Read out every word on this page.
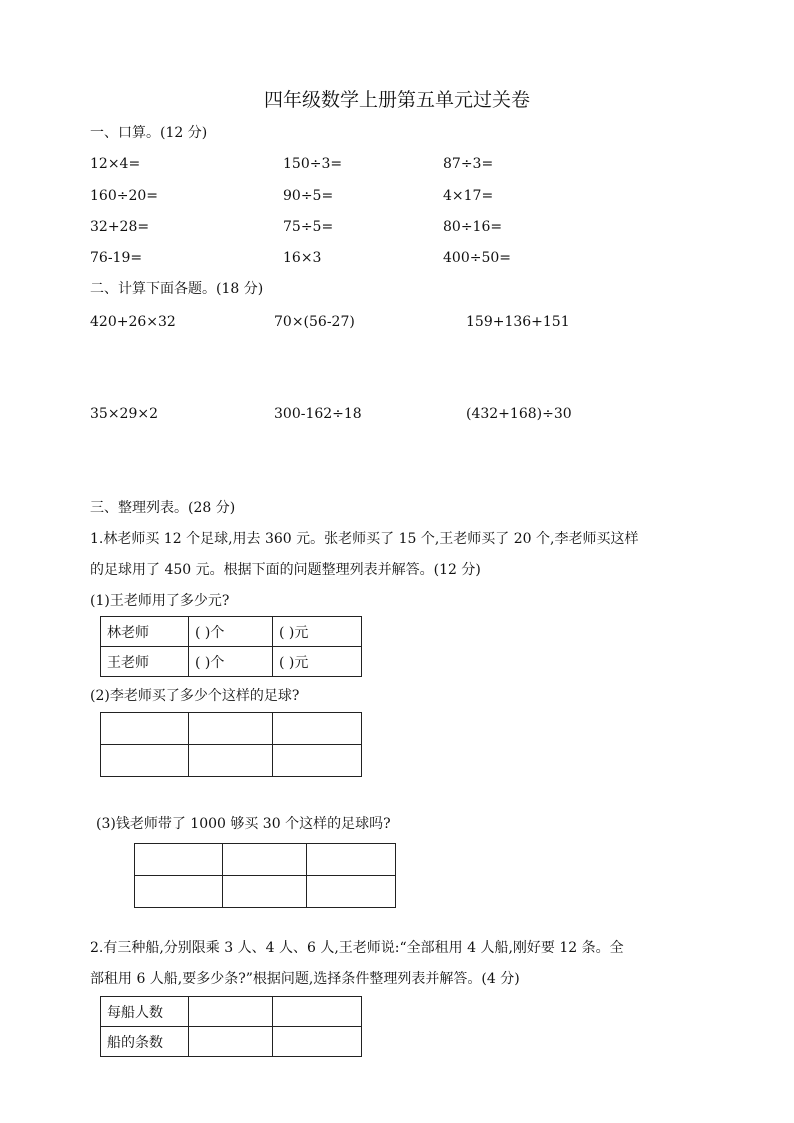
四年级数学上册第五单元过关卷
一、口算。(12 分)
12×4=	150÷3=	87÷3=
160÷20=	90÷5=	4×17=
32+28=	75÷5=	80÷16=
76-19=	16×3	400÷50=
二、计算下面各题。(18 分)
420+26×32	70×(56-27)	159+136+151
35×29×2	300-162÷18	(432+168)÷30
三、整理列表。(28 分)
1.林老师买 12 个足球,用去 360 元。张老师买了 15 个,王老师买了 20 个,李老师买这样
的足球用了 450 元。根据下面的问题整理列表并解答。(12 分)
(1)王老师用了多少元?
林老师	( )个	( )元
王老师	( )个	( )元
(2)李老师买了多少个这样的足球?

(3)钱老师带了 1000 够买 30 个这样的足球吗?

2.有三种船,分别限乘 3 人、4 人、6 人,王老师说:“全部租用 4 人船,刚好要 12 条。全
部租用 6 人船,要多少条?”根据问题,选择条件整理列表并解答。(4 分)
每船人数		
船的条数		
